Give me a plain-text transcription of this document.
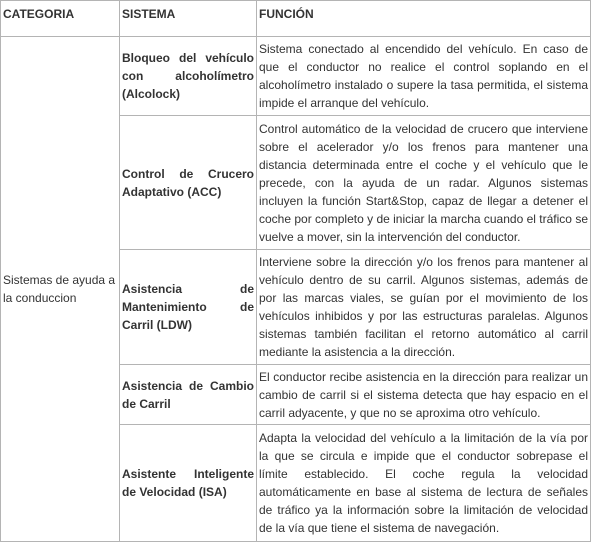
CATEGORIA	SISTEMA	FUNCIÓN
Sistemas de ayuda a la conduccion	Bloqueo del vehículo con alcoholímetro (Alcolock)	Sistema conectado al encendido del vehículo. En caso de que el conductor no realice el control soplando en el alcoholímetro instalado o supere la tasa permitida, el sistema impide el arranque del vehículo.
	Control de Crucero Adaptativo (ACC)	Control automático de la velocidad de crucero que interviene sobre el acelerador y/o los frenos para mantener una distancia determinada entre el coche y el vehículo que le precede, con la ayuda de un radar. Algunos sistemas incluyen la función Start&Stop, capaz de llegar a detener el coche por completo y de iniciar la marcha cuando el tráfico se vuelve a mover, sin la intervención del conductor.
	Asistencia de Mantenimiento de Carril (LDW)	Interviene sobre la dirección y/o los frenos para mantener al vehículo dentro de su carril. Algunos sistemas, además de por las marcas viales, se guían por el movimiento de los vehículos inhibidos y por las estructuras paralelas. Algunos sistemas también facilitan el retorno automático al carril mediante la asistencia a la dirección.
	Asistencia de Cambio de Carril	El conductor recibe asistencia en la dirección para realizar un cambio de carril si el sistema detecta que hay espacio en el carril adyacente, y que no se aproxima otro vehículo.
	Asistente Inteligente de Velocidad (ISA)	Adapta la velocidad del vehículo a la limitación de la vía por la que se circula e impide que el conductor sobrepase el límite establecido. El coche regula la velocidad automáticamente en base al sistema de lectura de señales de tráfico ya la información sobre la limitación de velocidad de la vía que tiene el sistema de navegación.
